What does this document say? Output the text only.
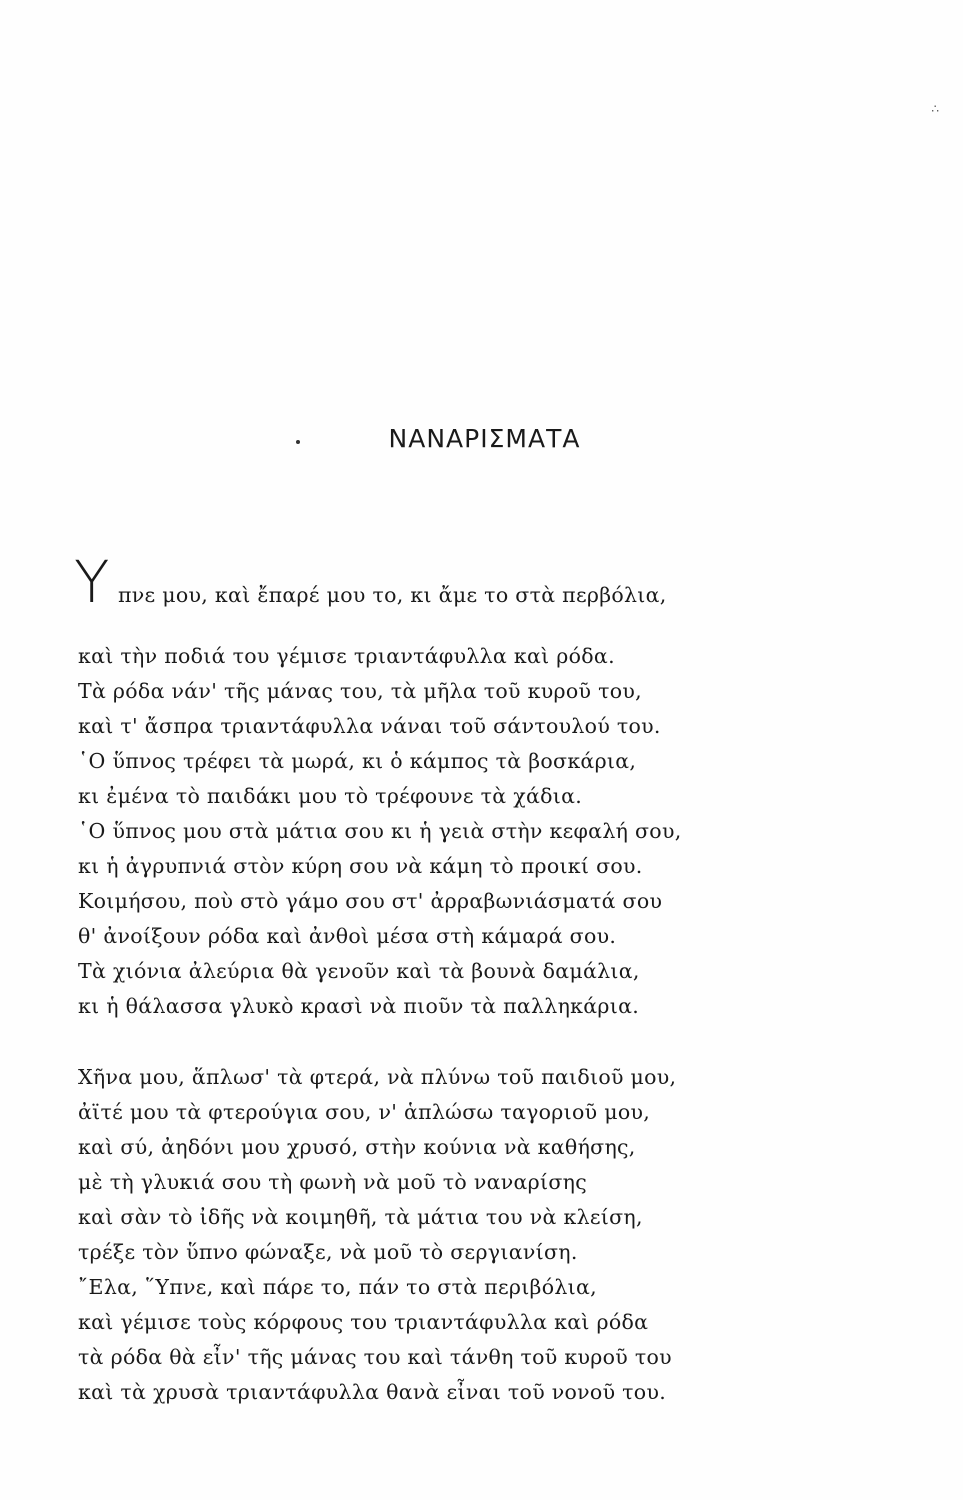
∴
ΝΑΝΑΡΙΣΜΑΤΑ
Υ πνε μου, καὶ ἔπαρέ μου το, κι ἄμε το στὰ περβόλια,
καὶ τὴν ποδιά του γέμισε τριαντάφυλλα καὶ ρόδα.
Τὰ ρόδα νάν' τῆς μάνας του, τὰ μῆλα τοῦ κυροῦ του,
καὶ τ' ἄσπρα τριαντάφυλλα νάναι τοῦ σάντουλού του.
῾Ο ὕπνος τρέφει τὰ μωρά, κι ὁ κάμπος τὰ βοσκάρια,
κι ἐμένα τὸ παιδάκι μου τὸ τρέφουνε τὰ χάδια.
῾Ο ὕπνος μου στὰ μάτια σου κι ἡ γειὰ στὴν κεφαλή σου,
κι ἡ ἀγρυπνιά στὸν κύρη σου νὰ κάμη τὸ προικί σου.
Κοιμήσου, ποὺ στὸ γάμο σου στ' ἀρραβωνιάσματά σου
θ' ἀνοίξουν ρόδα καὶ ἀνθοὶ μέσα στὴ κάμαρά σου.
Τὰ χιόνια ἀλεύρια θὰ γενοῦν καὶ τὰ βουνὰ δαμάλια,
κι ἡ θάλασσα γλυκὸ κρασὶ νὰ πιοῦν τὰ παλληκάρια.
Χῆνα μου, ἅπλωσ' τὰ φτερά, νὰ πλύνω τοῦ παιδιοῦ μου,
ἀϊτέ μου τὰ φτερούγια σου, ν' ἁπλώσω ταγοριοῦ μου,
καὶ σύ, ἀηδόνι μου χρυσό, στὴν κούνια νὰ καθήσης,
μὲ τὴ γλυκιά σου τὴ φωνὴ νὰ μοῦ τὸ ναναρίσης
καὶ σὰν τὸ ἰδῆς νὰ κοιμηθῆ, τὰ μάτια του νὰ κλείση,
τρέξε τὸν ὕπνο φώναξε, νὰ μοῦ τὸ σεργιανίση.
῎Ελα, ῞Υπνε, καὶ πάρε το, πάν το στὰ περιβόλια,
καὶ γέμισε τοὺς κόρφους του τριαντάφυλλα καὶ ρόδα
τὰ ρόδα θὰ εἶν' τῆς μάνας του καὶ τάνθη τοῦ κυροῦ του
καὶ τὰ χρυσὰ τριαντάφυλλα θανὰ εἶναι τοῦ νονοῦ του.
